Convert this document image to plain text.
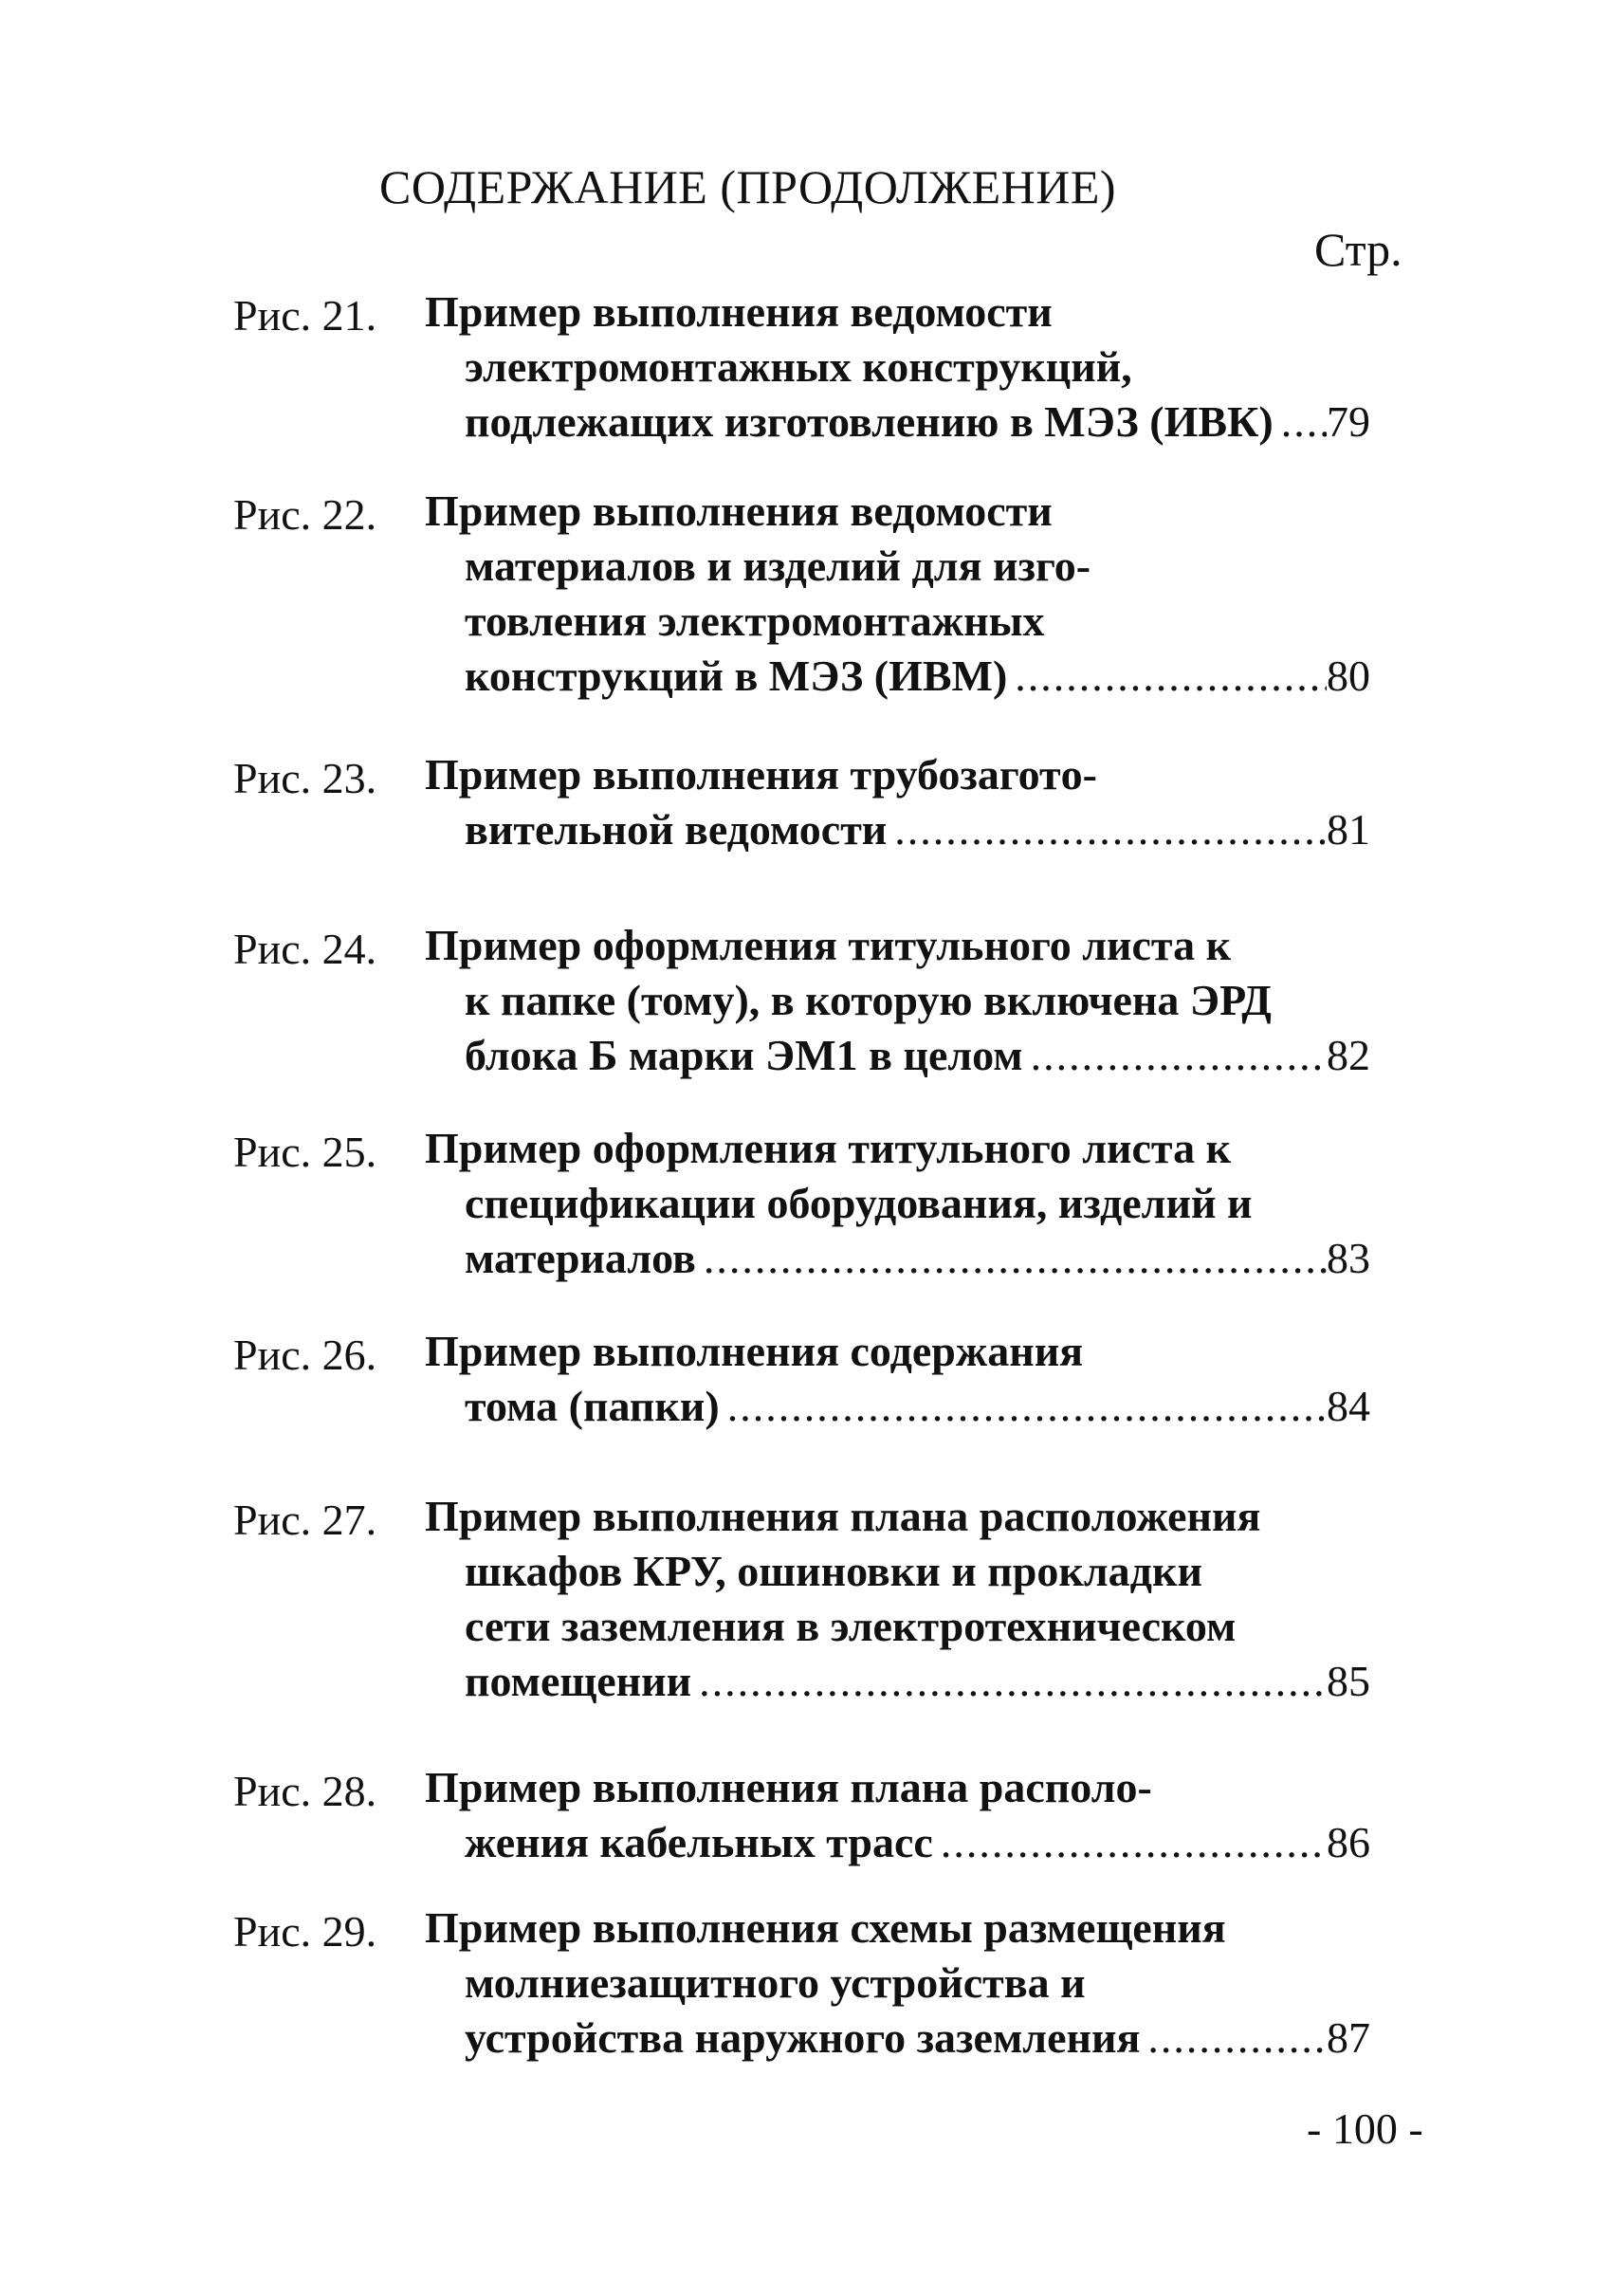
СОДЕРЖАНИЕ (ПРОДОЛЖЕНИЕ)
Стр.
Рис. 21. Пример выполнения ведомости
электромонтажных конструкций,
подлежащих изготовлению в МЭЗ (ИВК) ..... 79
Рис. 22. Пример выполнения ведомости
материалов и изделий для изго-
товления электромонтажных
конструкций в МЭЗ (ИВМ) .....	80
Рис. 23. Пример выполнения трубозаготo-
вительной ведомости .....	81
Рис. 24. Пример оформления титульного листа к
к папке (тому), в которую включена ЭРД
блока Б марки ЭМ1 в целом .....	82
Рис. 25. Пример оформления титульного листа к
спецификации оборудования, изделий и
материалов .....	83
Рис. 26. Пример выполнения содержания
тома (папки) .....	84
Рис. 27. Пример выполнения плана расположения
шкафов КРУ, ошиновки и прокладки
сети заземления в электротехническом
помещении .....	85
Рис. 28. Пример выполнения плана располо-
жения кабельных трасс .....	86
Рис. 29. Пример выполнения схемы размещения
молниезащитного устройства и
устройства наружного заземления .....	87
- 100 -
